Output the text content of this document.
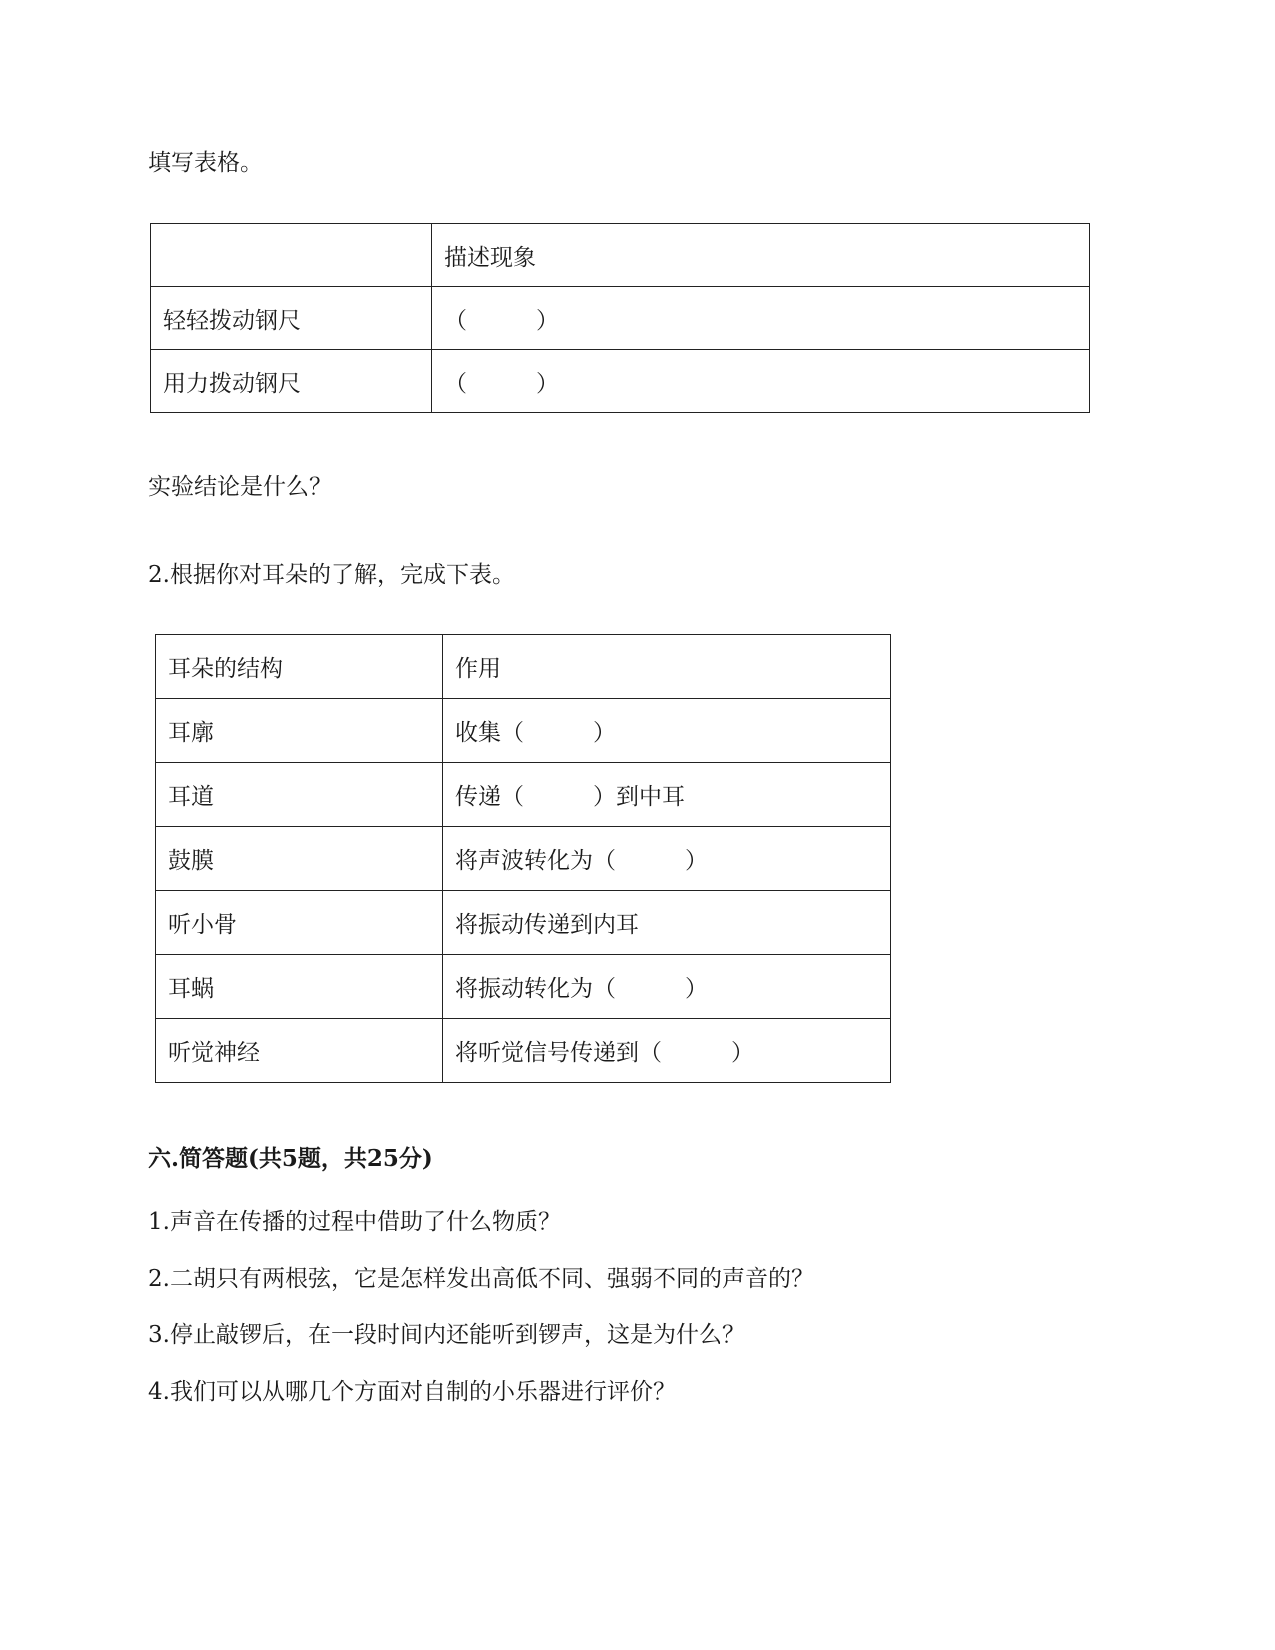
填写表格。
	描述现象
轻轻拨动钢尺	（　　　）
用力拨动钢尺	（　　　）
实验结论是什么？
2.根据你对耳朵的了解，完成下表。
耳朵的结构	作用
耳廓	收集（　　　）
耳道	传递（　　　）到中耳
鼓膜	将声波转化为（　　　）
听小骨	将振动传递到内耳
耳蜗	将振动转化为（　　　）
听觉神经	将听觉信号传递到（　　　）
六.简答题(共5题，共25分)
1.声音在传播的过程中借助了什么物质？
2.二胡只有两根弦，它是怎样发出高低不同、强弱不同的声音的？
3.停止敲锣后，在一段时间内还能听到锣声，这是为什么？
4.我们可以从哪几个方面对自制的小乐器进行评价？
